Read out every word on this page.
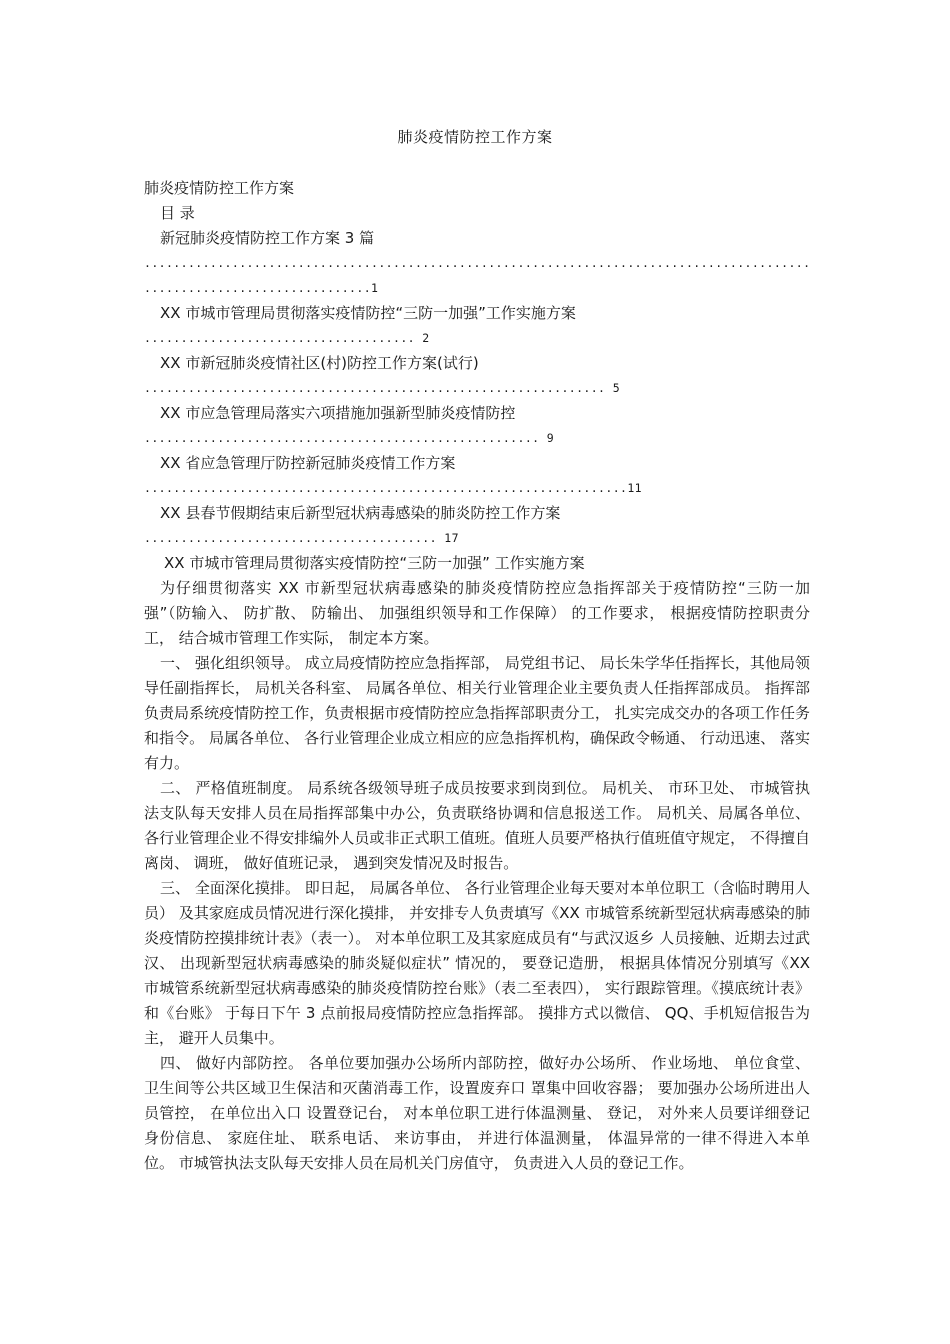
肺炎疫情防控工作方案
肺炎疫情防控工作方案
目 录
新冠肺炎疫情防控工作方案 3 篇
...........................................................................................
...............................1
XX 市城市管理局贯彻落实疫情防控“三防一加强”工作实施方案
..................................... 2
XX 市新冠肺炎疫情社区(村)防控工作方案(试行)
............................................................... 5
XX 市应急管理局落实六项措施加强新型肺炎疫情防控
...................................................... 9
XX 省应急管理厅防控新冠肺炎疫情工作方案
..................................................................11
XX 县春节假期结束后新型冠状病毒感染的肺炎防控工作方案
........................................ 17
XX 市城市管理局贯彻落实疫情防控“三防一加强” 工作实施方案

为仔细贯彻落实 XX 市新型冠状病毒感染的肺炎疫情防控应急指挥部关于疫情防控“三防一加强”（防输入、 防扩散、 防输出、 加强组织领导和工作保障） 的工作要求， 根据疫情防控职责分工， 结合城市管理工作实际， 制定本方案。

一、 强化组织领导。 成立局疫情防控应急指挥部， 局党组书记、 局长朱学华任指挥长，其他局领导任副指挥长， 局机关各科室、 局属各单位、相关行业管理企业主要负责人任指挥部成员。 指挥部负责局系统疫情防控工作，负责根据市疫情防控应急指挥部职责分工， 扎实完成交办的各项工作任务和指令。 局属各单位、 各行业管理企业成立相应的应急指挥机构，确保政令畅通、 行动迅速、 落实有力。

二、 严格值班制度。 局系统各级领导班子成员按要求到岗到位。 局机关、 市环卫处、 市城管执法支队每天安排人员在局指挥部集中办公，负责联络协调和信息报送工作。 局机关、局属各单位、 各行业管理企业不得安排编外人员或非正式职工值班。值班人员要严格执行值班值守规定， 不得擅自离岗、 调班， 做好值班记录， 遇到突发情况及时报告。

三、 全面深化摸排。 即日起， 局属各单位、 各行业管理企业每天要对本单位职工（含临时聘用人员） 及其家庭成员情况进行深化摸排， 并安排专人负责填写《XX 市城管系统新型冠状病毒感染的肺炎疫情防控摸排统计表》（表一）。 对本单位职工及其家庭成员有“与武汉返乡 人员接触、近期去过武汉、 出现新型冠状病毒感染的肺炎疑似症状” 情况的， 要登记造册， 根据具体情况分别填写《XX 市城管系统新型冠状病毒感染的肺炎疫情防控台账》（表二至表四）， 实行跟踪管理。《摸底统计表》 和《台账》 于每日下午 3 点前报局疫情防控应急指挥部。 摸排方式以微信、 QQ、手机短信报告为主， 避开人员集中。

四、 做好内部防控。 各单位要加强办公场所内部防控，做好办公场所、 作业场地、 单位食堂、 卫生间等公共区域卫生保洁和灭菌消毒工作，设置废弃口 罩集中回收容器； 要加强办公场所进出人员管控， 在单位出入口 设置登记台， 对本单位职工进行体温测量、 登记， 对外来人员要详细登记身份信息、 家庭住址、 联系电话、 来访事由， 并进行体温测量， 体温异常的一律不得进入本单位。 市城管执法支队每天安排人员在局机关门房值守， 负责进入人员的登记工作。
